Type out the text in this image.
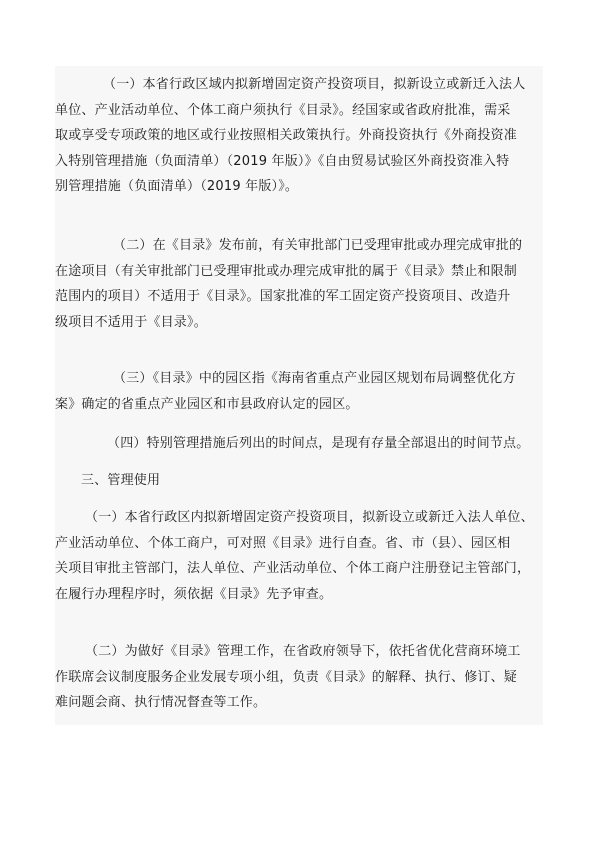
（一）本省行政区域内拟新增固定资产投资项目，拟新设立或新迁入法人
单位、产业活动单位、个体工商户须执行《目录》。经国家或省政府批准，需采
取或享受专项政策的地区或行业按照相关政策执行。外商投资执行《外商投资准
入特别管理措施（负面清单）（2019 年版）》《自由贸易试验区外商投资准入特
别管理措施（负面清单）（2019 年版）》。
（二）在《目录》发布前，有关审批部门已受理审批或办理完成审批的
在途项目（有关审批部门已受理审批或办理完成审批的属于《目录》禁止和限制
范围内的项目）不适用于《目录》。国家批准的军工固定资产投资项目、改造升
级项目不适用于《目录》。
（三）《目录》中的园区指《海南省重点产业园区规划布局调整优化方
案》确定的省重点产业园区和市县政府认定的园区。
（四）特别管理措施后列出的时间点，是现有存量全部退出的时间节点。
三、管理使用
（一）本省行政区内拟新增固定资产投资项目，拟新设立或新迁入法人单位、
产业活动单位、个体工商户，可对照《目录》进行自查。省、市（县）、园区相
关项目审批主管部门，法人单位、产业活动单位、个体工商户注册登记主管部门，
在履行办理程序时，须依据《目录》先予审查。
（二）为做好《目录》管理工作，在省政府领导下，依托省优化营商环境工
作联席会议制度服务企业发展专项小组，负责《目录》的解释、执行、修订、疑
难问题会商、执行情况督查等工作。
